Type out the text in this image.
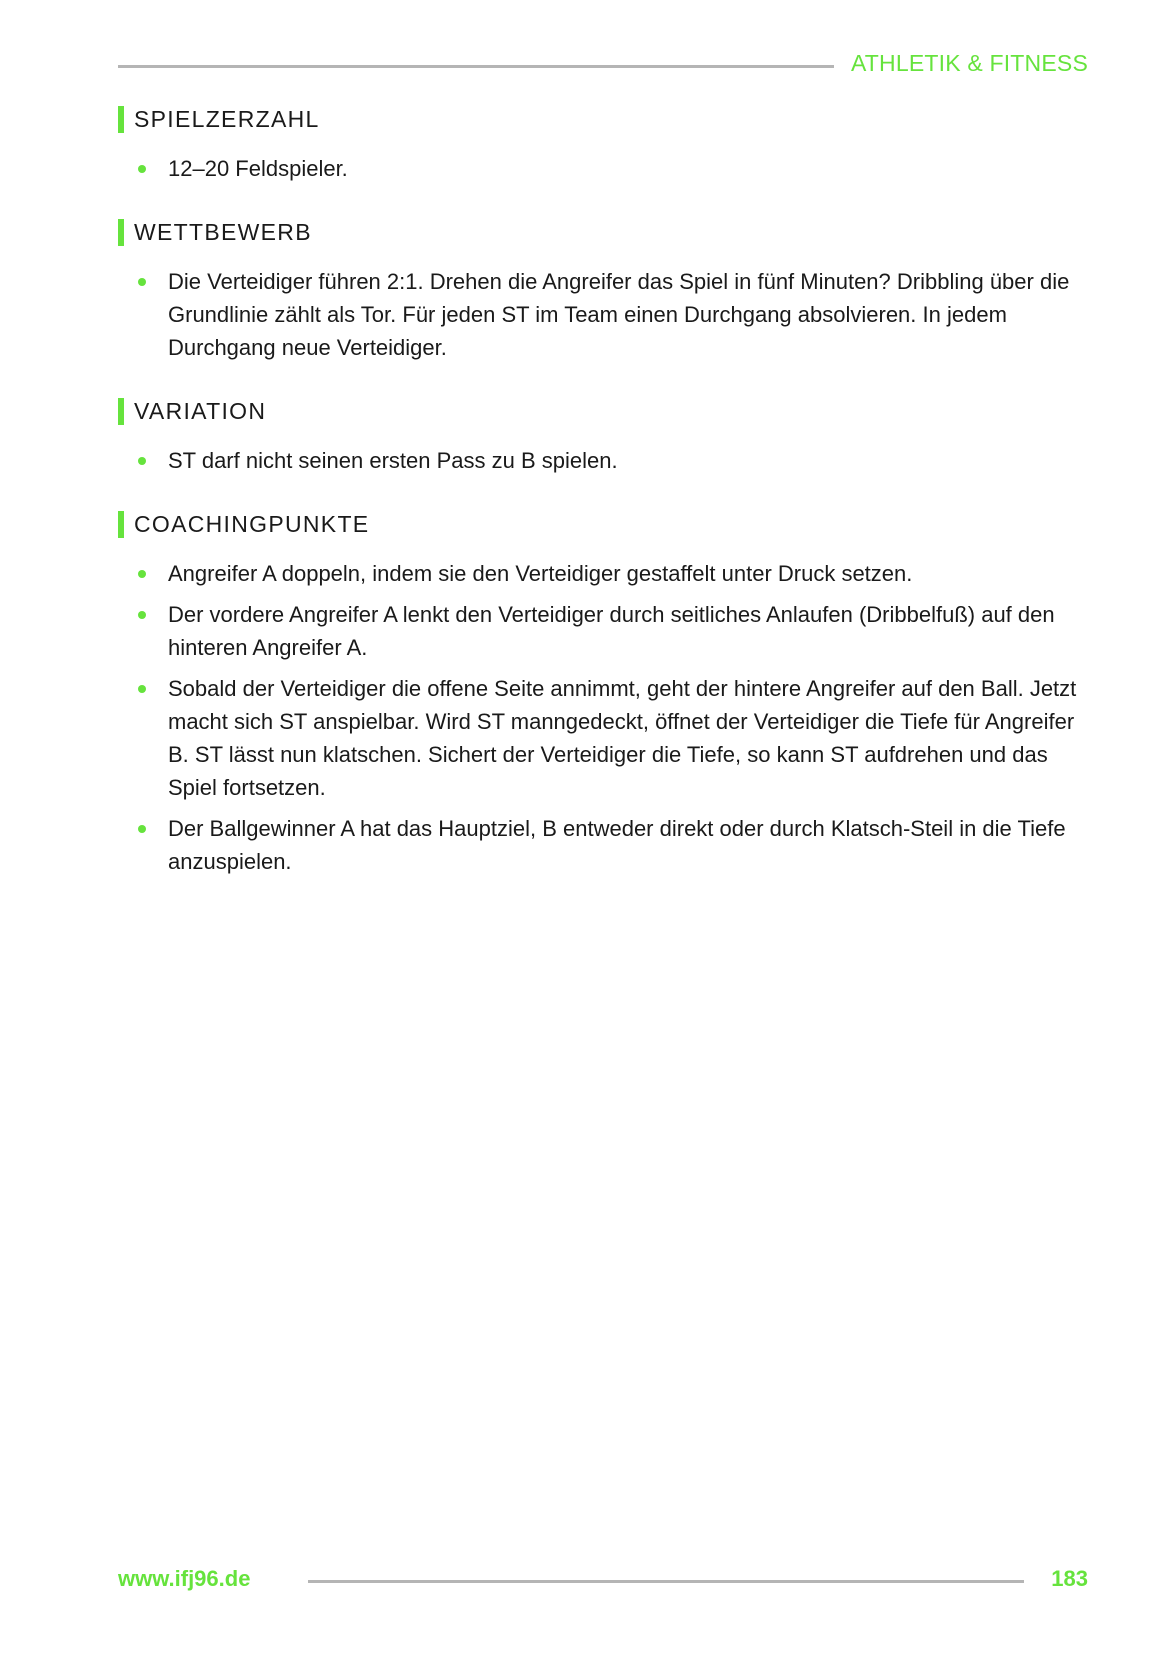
ATHLETIK & FITNESS
SPIELZERZAHL
12–20 Feldspieler.
WETTBEWERB
Die Verteidiger führen 2:1. Drehen die Angreifer das Spiel in fünf Minuten? Dribbling über die Grundlinie zählt als Tor. Für jeden ST im Team einen Durchgang absolvieren. In jedem Durchgang neue Verteidiger.
VARIATION
ST darf nicht seinen ersten Pass zu B spielen.
COACHINGPUNKTE
Angreifer A doppeln, indem sie den Verteidiger gestaffelt unter Druck setzen.
Der vordere Angreifer A lenkt den Verteidiger durch seitliches Anlaufen (Dribbelfuß) auf den hinteren Angreifer A.
Sobald der Verteidiger die offene Seite annimmt, geht der hintere Angreifer auf den Ball. Jetzt macht sich ST anspielbar. Wird ST manngedeckt, öffnet der Verteidiger die Tiefe für Angreifer B. ST lässt nun klatschen. Sichert der Verteidiger die Tiefe, so kann ST aufdrehen und das Spiel fortsetzen.
Der Ballgewinner A hat das Hauptziel, B entweder direkt oder durch Klatsch-Steil in die Tiefe anzuspielen.
www.ifj96.de	183
